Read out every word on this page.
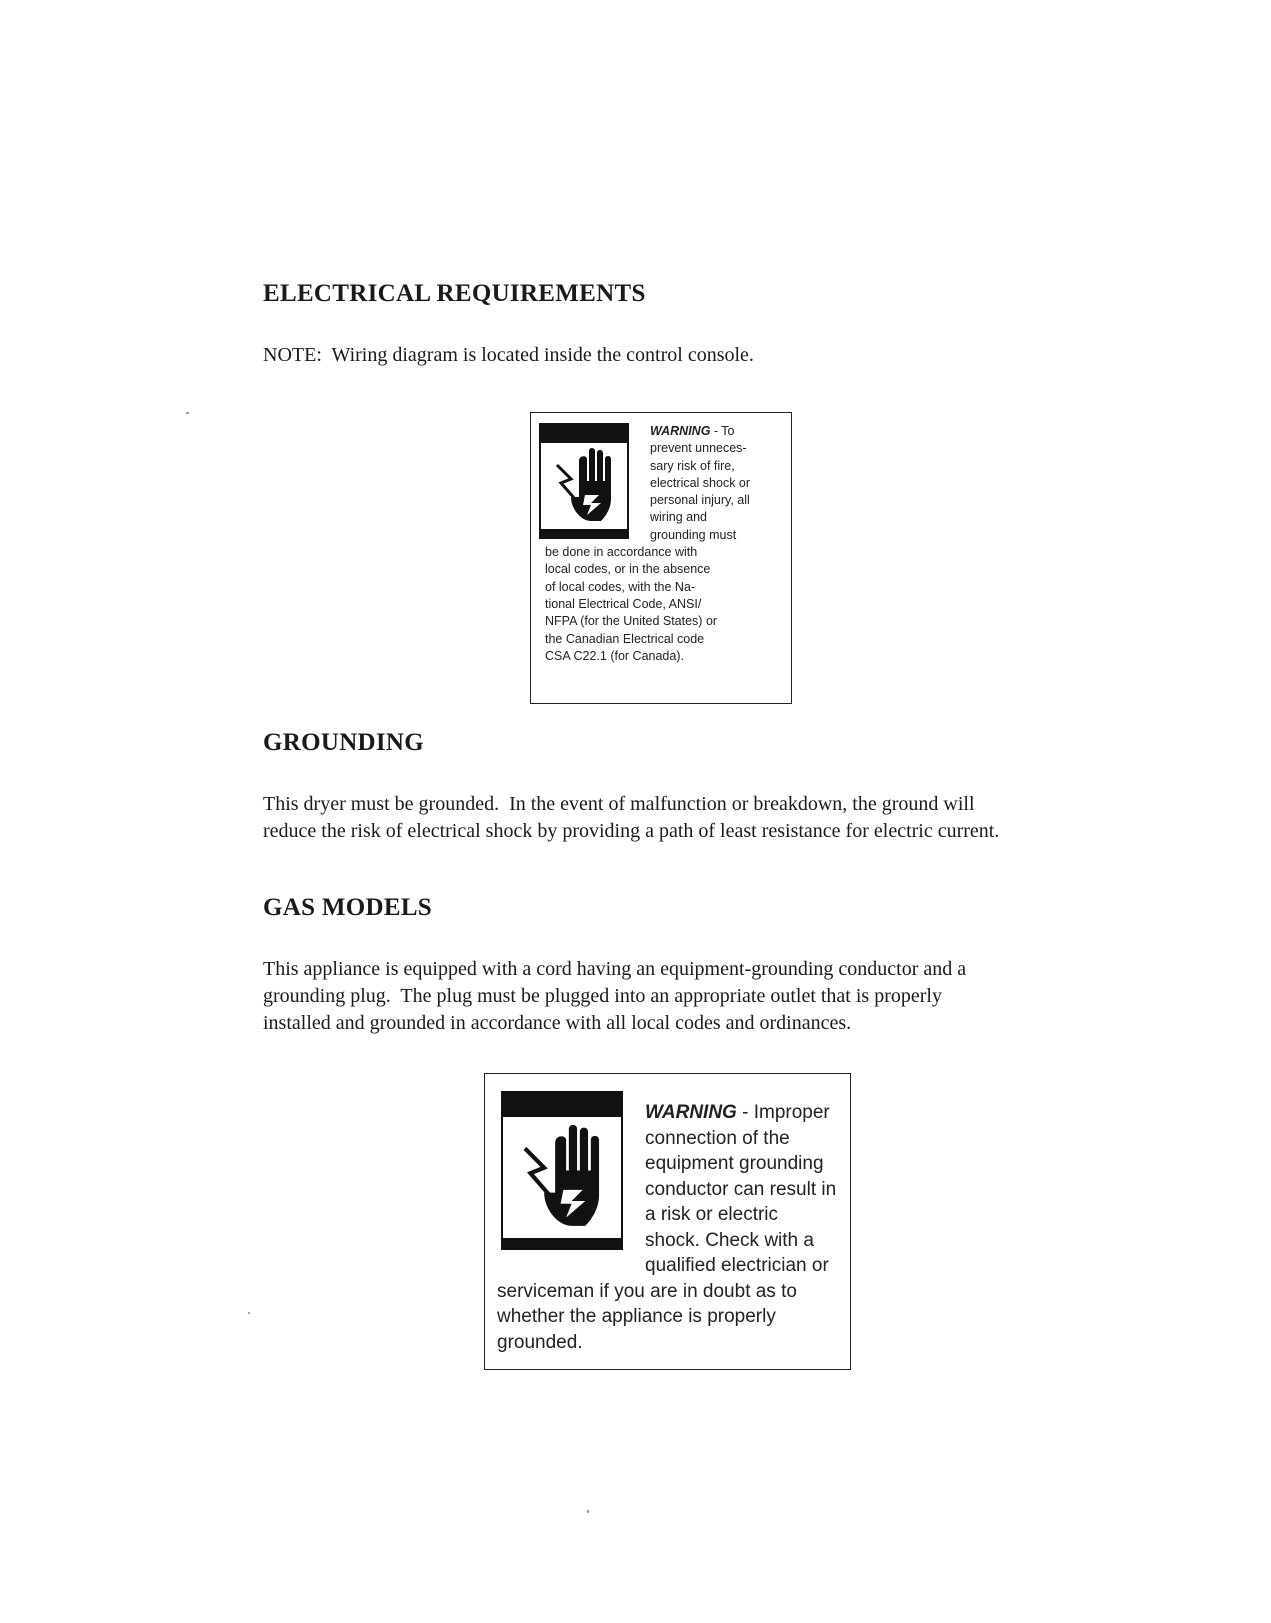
ELECTRICAL REQUIREMENTS

NOTE:  Wiring diagram is located inside the control console.

WARNING - To
prevent unneces-
sary risk of fire,
electrical shock or
personal injury, all
wiring and
grounding must
be done in accordance with
local codes, or in the absence
of local codes, with the Na-
tional Electrical Code, ANSI/
NFPA (for the United States) or
the Canadian Electrical code
CSA C22.1 (for Canada).
GROUNDING

This dryer must be grounded.  In the event of malfunction or breakdown, the ground will
reduce the risk of electrical shock by providing a path of least resistance for electric current.

GAS MODELS

This appliance is equipped with a cord having an equipment-grounding conductor and a
grounding plug.  The plug must be plugged into an appropriate outlet that is properly
installed and grounded in accordance with all local codes and ordinances.

WARNING - Improper
connection of the
equipment grounding
conductor can result in
a risk or electric
shock. Check with a
qualified electrician or
serviceman if you are in doubt as to
whether the appliance is properly
grounded.
